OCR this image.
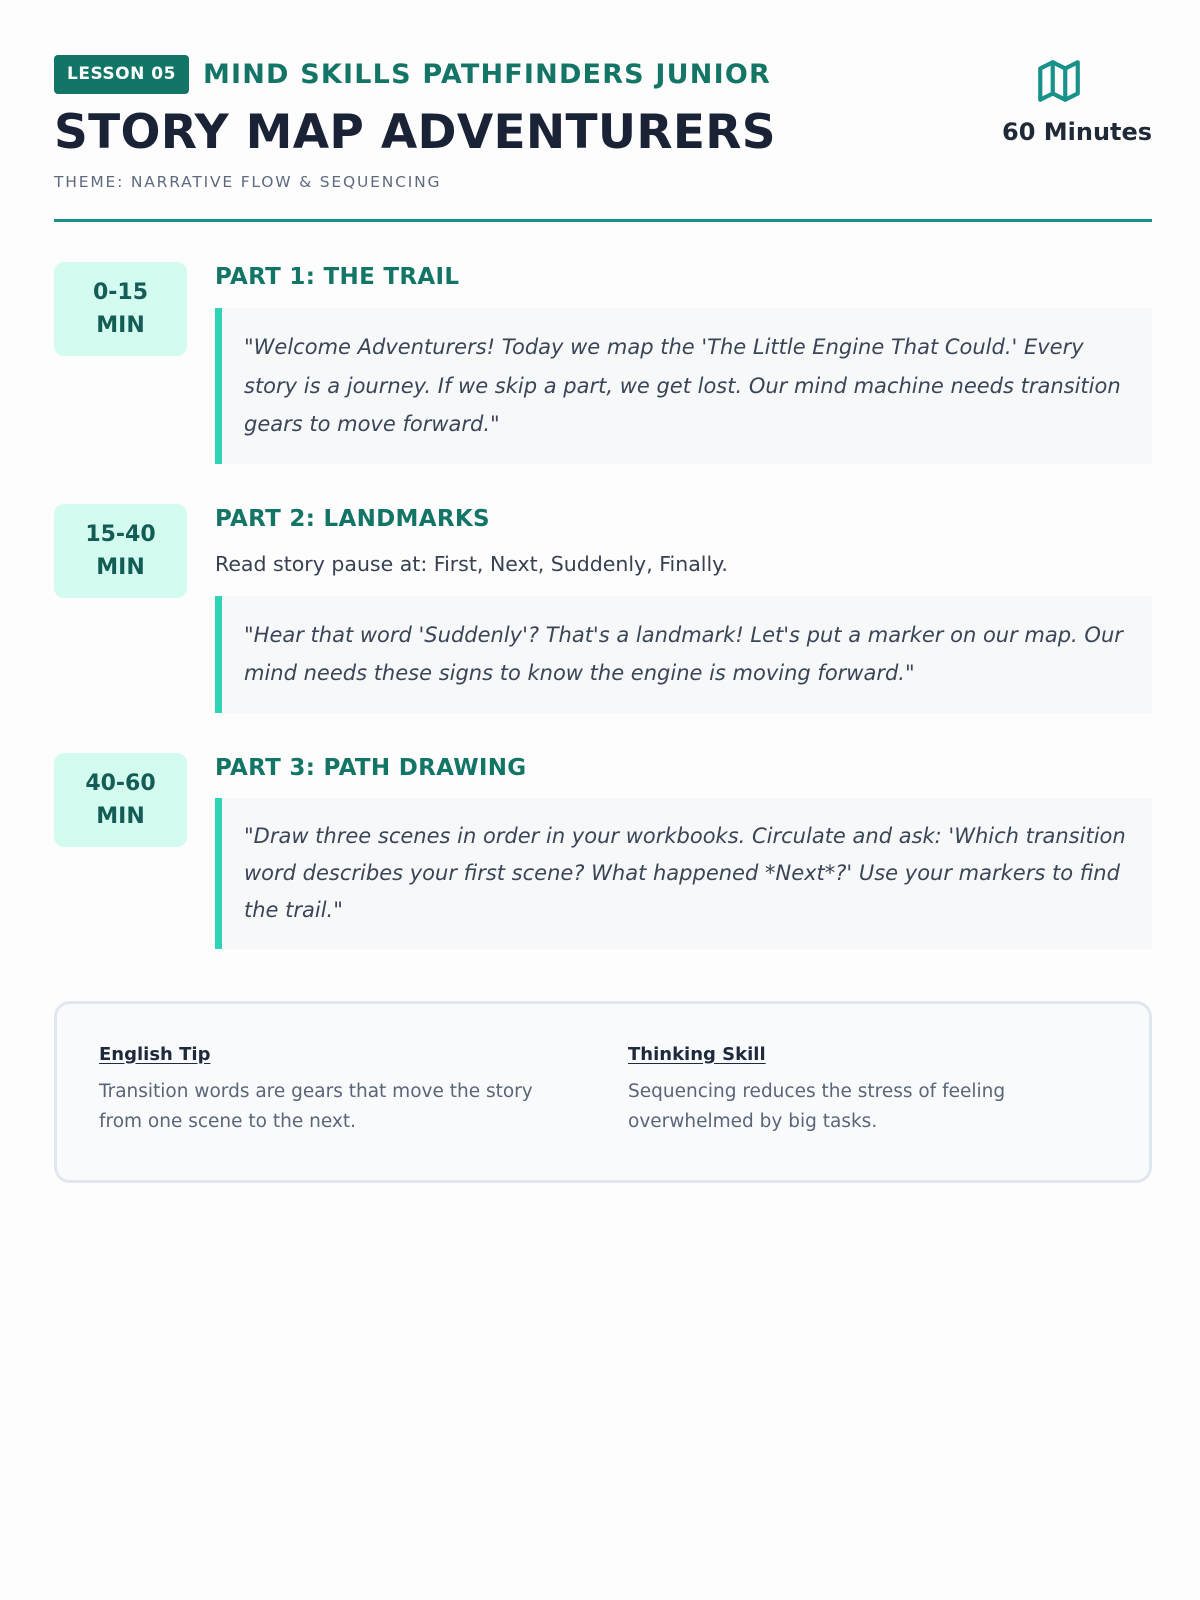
LESSON 05	MIND SKILLS PATHFINDERS JUNIOR
STORY MAP ADVENTURERS
THEME: NARRATIVE FLOW & SEQUENCING
60 Minutes
0-15
MIN
PART 1: THE TRAIL
"Welcome Adventurers! Today we map the 'The Little Engine That Could.' Every story is a journey. If we skip a part, we get lost. Our mind machine needs transition gears to move forward."
15-40
MIN
PART 2: LANDMARKS
Read story pause at: First, Next, Suddenly, Finally.
"Hear that word 'Suddenly'? That's a landmark! Let's put a marker on our map. Our mind needs these signs to know the engine is moving forward."
40-60
MIN
PART 3: PATH DRAWING
"Draw three scenes in order in your workbooks. Circulate and ask: 'Which transition word describes your first scene? What happened *Next*?' Use your markers to find the trail."
English Tip
Transition words are gears that move the story from one scene to the next.
Thinking Skill
Sequencing reduces the stress of feeling overwhelmed by big tasks.
